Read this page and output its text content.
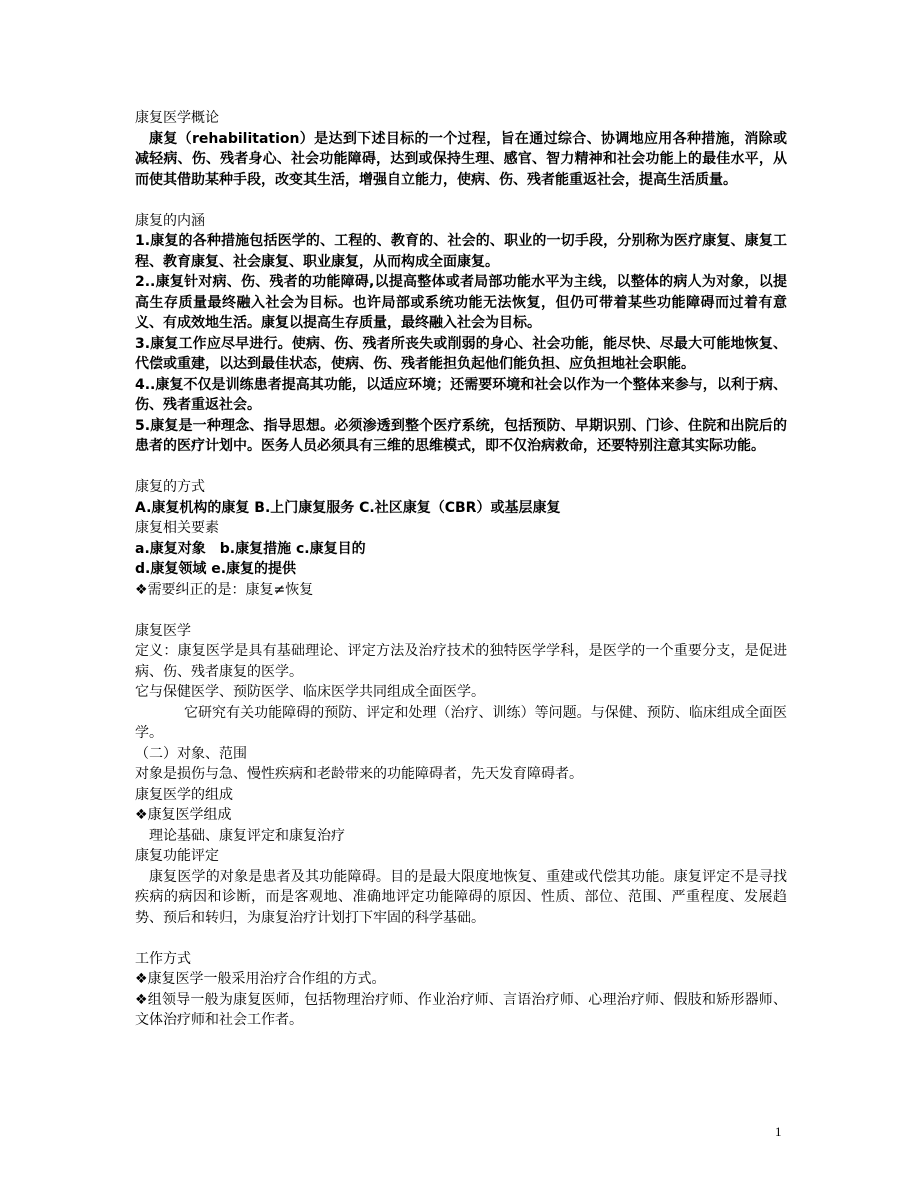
康复医学概论

康复（rehabilitation）是达到下述目标的一个过程，旨在通过综合、协调地应用各种措施，消除或减轻病、伤、残者身心、社会功能障碍，达到或保持生理、感官、智力精神和社会功能上的最佳水平，从而使其借助某种手段，改变其生活，增强自立能力，使病、伤、残者能重返社会，提高生活质量。

康复的内涵

1.康复的各种措施包括医学的、工程的、教育的、社会的、职业的一切手段，分别称为医疗康复、康复工程、教育康复、社会康复、职业康复，从而构成全面康复。

2..康复针对病、伤、残者的功能障碍,以提高整体或者局部功能水平为主线，以整体的病人为对象，以提高生存质量最终融入社会为目标。也许局部或系统功能无法恢复，但仍可带着某些功能障碍而过着有意义、有成效地生活。康复以提高生存质量，最终融入社会为目标。

3.康复工作应尽早进行。使病、伤、残者所丧失或削弱的身心、社会功能，能尽快、尽最大可能地恢复、代偿或重建，以达到最佳状态，使病、伤、残者能担负起他们能负担、应负担地社会职能。

4..康复不仅是训练患者提高其功能，以适应环境；还需要环境和社会以作为一个整体来参与，以利于病、伤、残者重返社会。

5.康复是一种理念、指导思想。必须渗透到整个医疗系统，包括预防、早期识别、门诊、住院和出院后的患者的医疗计划中。医务人员必须具有三维的思维模式，即不仅治病救命，还要特别注意其实际功能。

康复的方式

A.康复机构的康复 B.上门康复服务 C.社区康复（CBR）或基层康复

康复相关要素

a.康复对象　b.康复措施 c.康复目的

d.康复领域 e.康复的提供

❖需要纠正的是：康复≠恢复

康复医学

定义：康复医学是具有基础理论、评定方法及治疗技术的独特医学学科，是医学的一个重要分支，是促进病、伤、残者康复的医学。

它与保健医学、预防医学、临床医学共同组成全面医学。

它研究有关功能障碍的预防、评定和处理（治疗、训练）等问题。与保健、预防、临床组成全面医学。

（二）对象、范围

对象是损伤与急、慢性疾病和老龄带来的功能障碍者，先天发育障碍者。

康复医学的组成

❖康复医学组成

理论基础、康复评定和康复治疗

康复功能评定

康复医学的对象是患者及其功能障碍。目的是最大限度地恢复、重建或代偿其功能。康复评定不是寻找疾病的病因和诊断，而是客观地、准确地评定功能障碍的原因、性质、部位、范围、严重程度、发展趋势、预后和转归，为康复治疗计划打下牢固的科学基础。

工作方式

❖康复医学一般采用治疗合作组的方式。

❖组领导一般为康复医师，包括物理治疗师、作业治疗师、言语治疗师、心理治疗师、假肢和矫形器师、文体治疗师和社会工作者。

1
